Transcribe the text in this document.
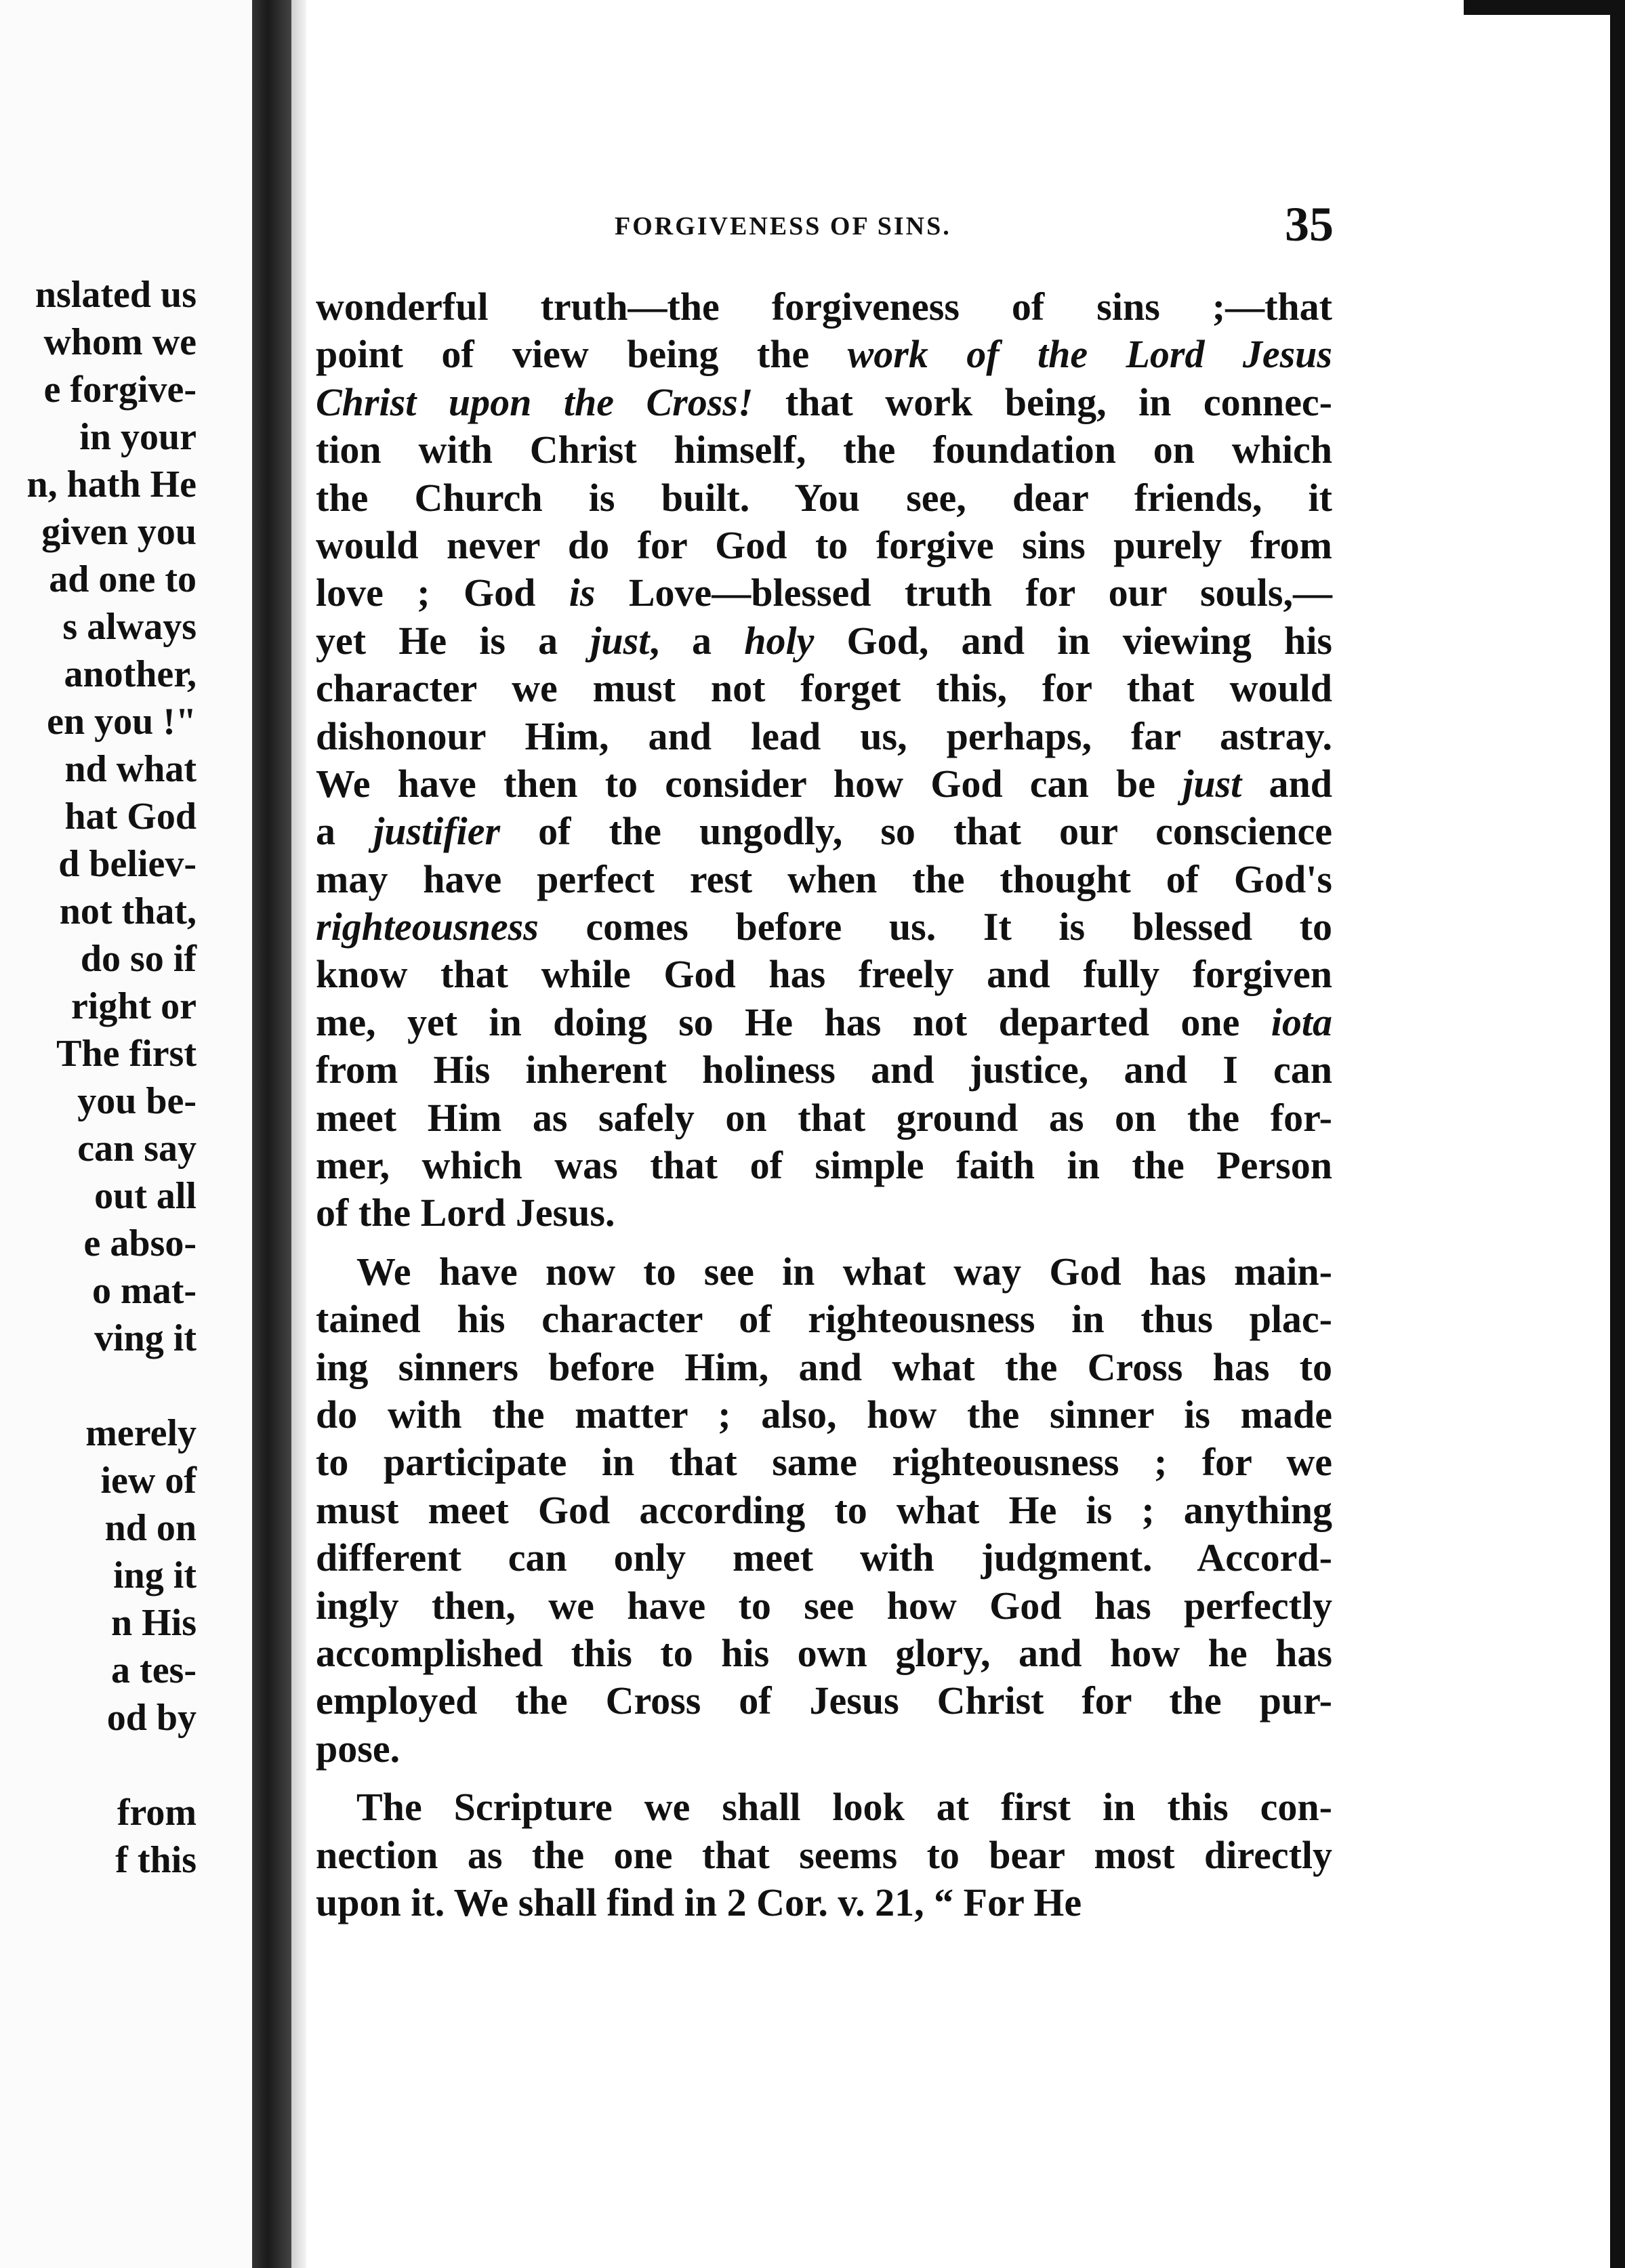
nslated us
whom we
e forgive-
in your
n, hath He
given you
ad one to
s always
another,
en you !"
nd what
hat God
d believ-
not that,
do so if
right or
The first
you be-
can say
out all
e abso-
o mat-
ving it
merely
iew of
nd on
ing it
n His
a tes-
od by
from
f this
FORGIVENESS OF SINS.	35
wonderful truth—the forgiveness of sins ;—that
point of view being the work of the Lord Jesus
Christ upon the Cross! that work being, in connec-
tion with Christ himself, the foundation on which
the Church is built. You see, dear friends, it
would never do for God to forgive sins purely from
love ; God is Love—blessed truth for our souls,—
yet He is a just, a holy God, and in viewing his
character we must not forget this, for that would
dishonour Him, and lead us, perhaps, far astray.
We have then to consider how God can be just and
a justifier of the ungodly, so that our conscience
may have perfect rest when the thought of God's
righteousness comes before us. It is blessed to
know that while God has freely and fully forgiven
me, yet in doing so He has not departed one iota
from His inherent holiness and justice, and I can
meet Him as safely on that ground as on the for-
mer, which was that of simple faith in the Person
of the Lord Jesus.
We have now to see in what way God has main-
tained his character of righteousness in thus plac-
ing sinners before Him, and what the Cross has to
do with the matter ; also, how the sinner is made
to participate in that same righteousness ; for we
must meet God according to what He is ; anything
different can only meet with judgment. Accord-
ingly then, we have to see how God has perfectly
accomplished this to his own glory, and how he has
employed the Cross of Jesus Christ for the pur-
pose.
The Scripture we shall look at first in this con-
nection as the one that seems to bear most directly
upon it. We shall find in 2 Cor. v. 21, “ For He
